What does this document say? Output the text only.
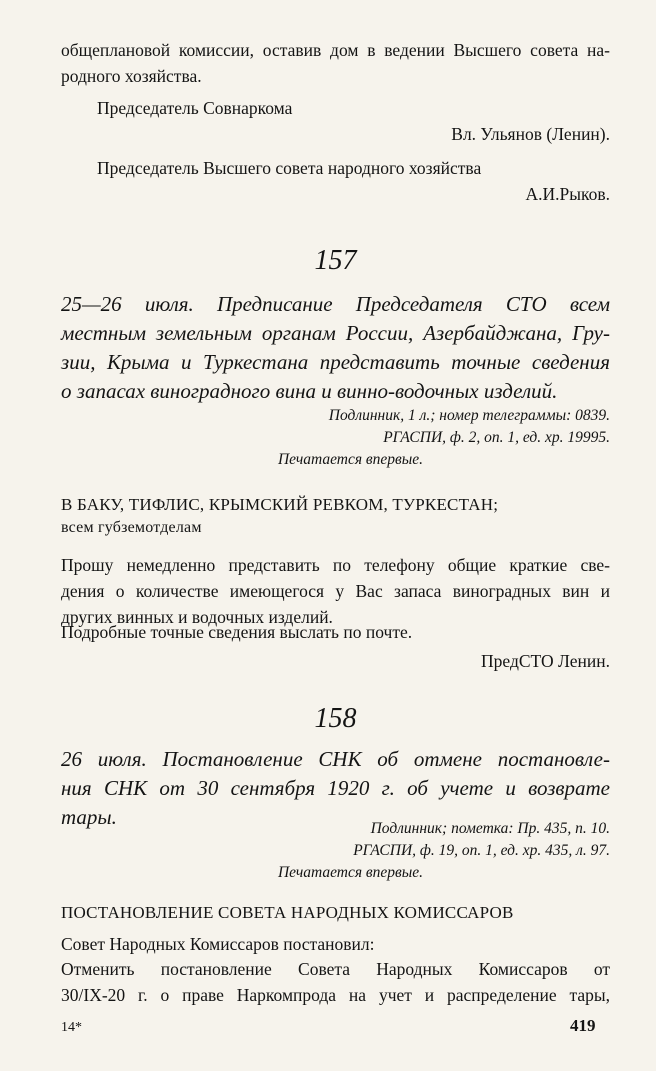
общеплановой комиссии, оставив дом в ведении Высшего совета на-
родного хозяйства.

Председатель Совнаркома

Вл. Ульянов (Ленин).

Председатель Высшего совета народного хозяйства

А.И.Рыков.

157

25—26 июля. Предписание Председателя СТО всем
местным земельным органам России, Азербайджана, Гру-
зии, Крыма и Туркестана представить точные сведения
о запасах виноградного вина и винно-водочных изделий.

Подлинник, 1 л.; номер телеграммы: 0839.
РГАСПИ, ф. 2, оп. 1, ед. хр. 19995.
Печатается впервые.

В БАКУ, ТИФЛИС, КРЫМСКИЙ РЕВКОМ, ТУРКЕСТАН;
всем губземотделам

Прошу немедленно представить по телефону общие краткие све-
дения о количестве имеющегося у Вас запаса виноградных вин и
других винных и водочных изделий.

Подробные точные сведения выслать по почте.

ПредСТО Ленин.

158

26 июля. Постановление СНК об отмене постановле-
ния СНК от 30 сентября 1920 г. об учете и возврате
тары.	Подлинник; пометка: Пр. 435, п. 10.
РГАСПИ, ф. 19, оп. 1, ед. хр. 435, л. 97.
Печатается впервые.

ПОСТАНОВЛЕНИЕ СОВЕТА НАРОДНЫХ КОМИССАРОВ

Совет Народных Комиссаров постановил:

Отменить постановление Совета Народных Комиссаров от
30/IX-20 г. о праве Наркомпрода на учет и распределение тары,

14*	419
